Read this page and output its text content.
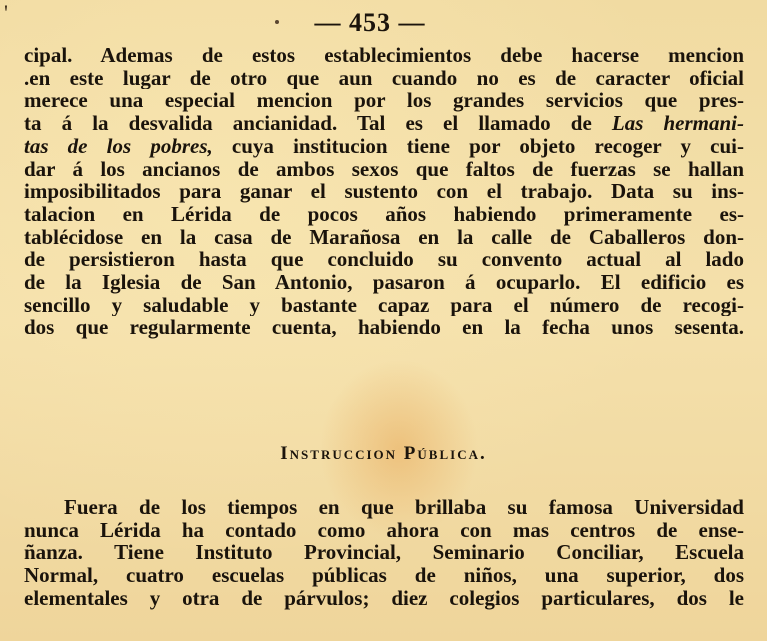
'	— 453 —
cipal. Ademas de estos establecimientos debe hacerse mencion
.en este lugar de otro que aun cuando no es de caracter oficial
merece una especial mencion por los grandes servicios que pres-
ta á la desvalida ancianidad. Tal es el llamado de Las hermani-
tas de los pobres, cuya institucion tiene por objeto recoger y cui-
dar á los ancianos de ambos sexos que faltos de fuerzas se hallan
imposibilitados para ganar el sustento con el trabajo. Data su ins-
talacion en Lérida de pocos años habiendo primeramente es-
tablécidose en la casa de Marañosa en la calle de Caballeros don-
de persistieron hasta que concluido su convento actual al lado
de la Iglesia de San Antonio, pasaron á ocuparlo. El edificio es
sencillo y saludable y bastante capaz para el número de recogi-
dos que regularmente cuenta, habiendo en la fecha unos sesenta.
Instruccion Pública.
Fuera de los tiempos en que brillaba su famosa Universidad
nunca Lérida ha contado como ahora con mas centros de ense-
ñanza. Tiene Instituto Provincial, Seminario Conciliar, Escuela
Normal, cuatro escuelas públicas de niños, una superior, dos
elementales y otra de párvulos; diez colegios particulares, dos le
